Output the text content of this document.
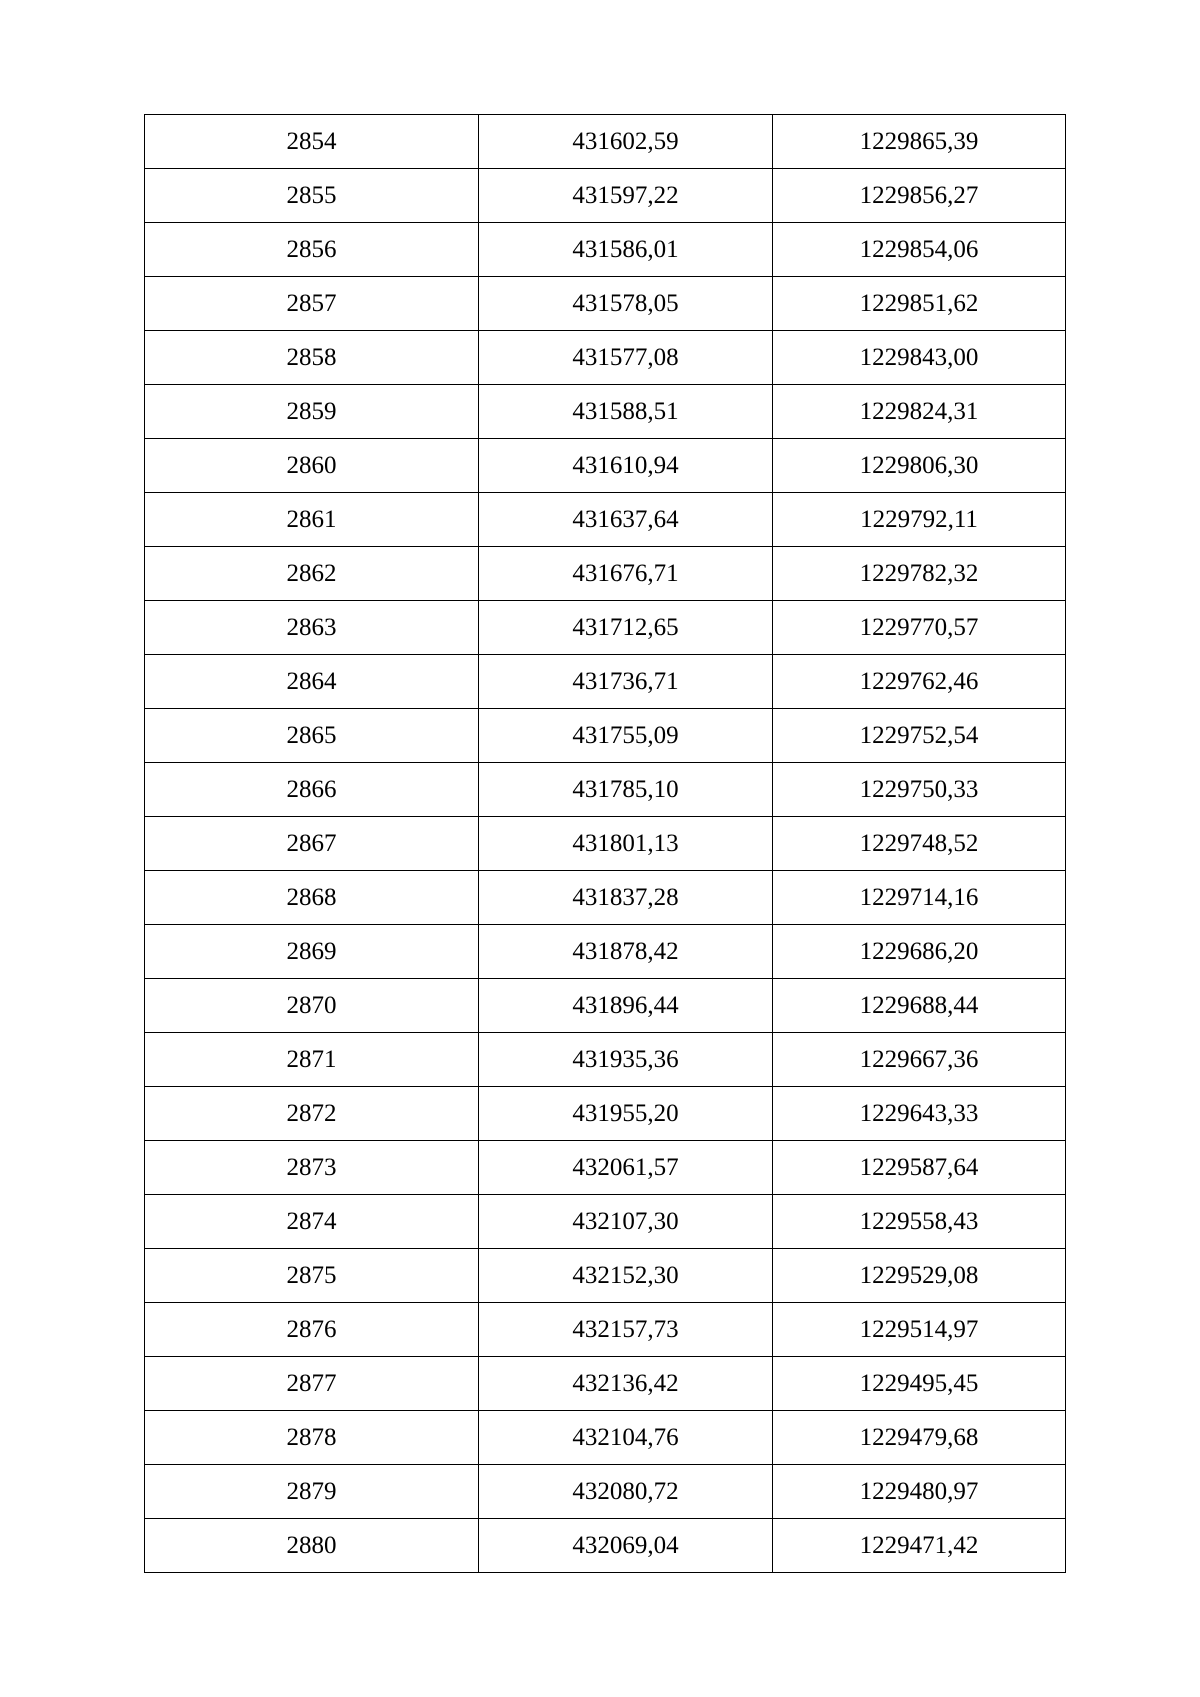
2854	431602,59	1229865,39
2855	431597,22	1229856,27
2856	431586,01	1229854,06
2857	431578,05	1229851,62
2858	431577,08	1229843,00
2859	431588,51	1229824,31
2860	431610,94	1229806,30
2861	431637,64	1229792,11
2862	431676,71	1229782,32
2863	431712,65	1229770,57
2864	431736,71	1229762,46
2865	431755,09	1229752,54
2866	431785,10	1229750,33
2867	431801,13	1229748,52
2868	431837,28	1229714,16
2869	431878,42	1229686,20
2870	431896,44	1229688,44
2871	431935,36	1229667,36
2872	431955,20	1229643,33
2873	432061,57	1229587,64
2874	432107,30	1229558,43
2875	432152,30	1229529,08
2876	432157,73	1229514,97
2877	432136,42	1229495,45
2878	432104,76	1229479,68
2879	432080,72	1229480,97
2880	432069,04	1229471,42
